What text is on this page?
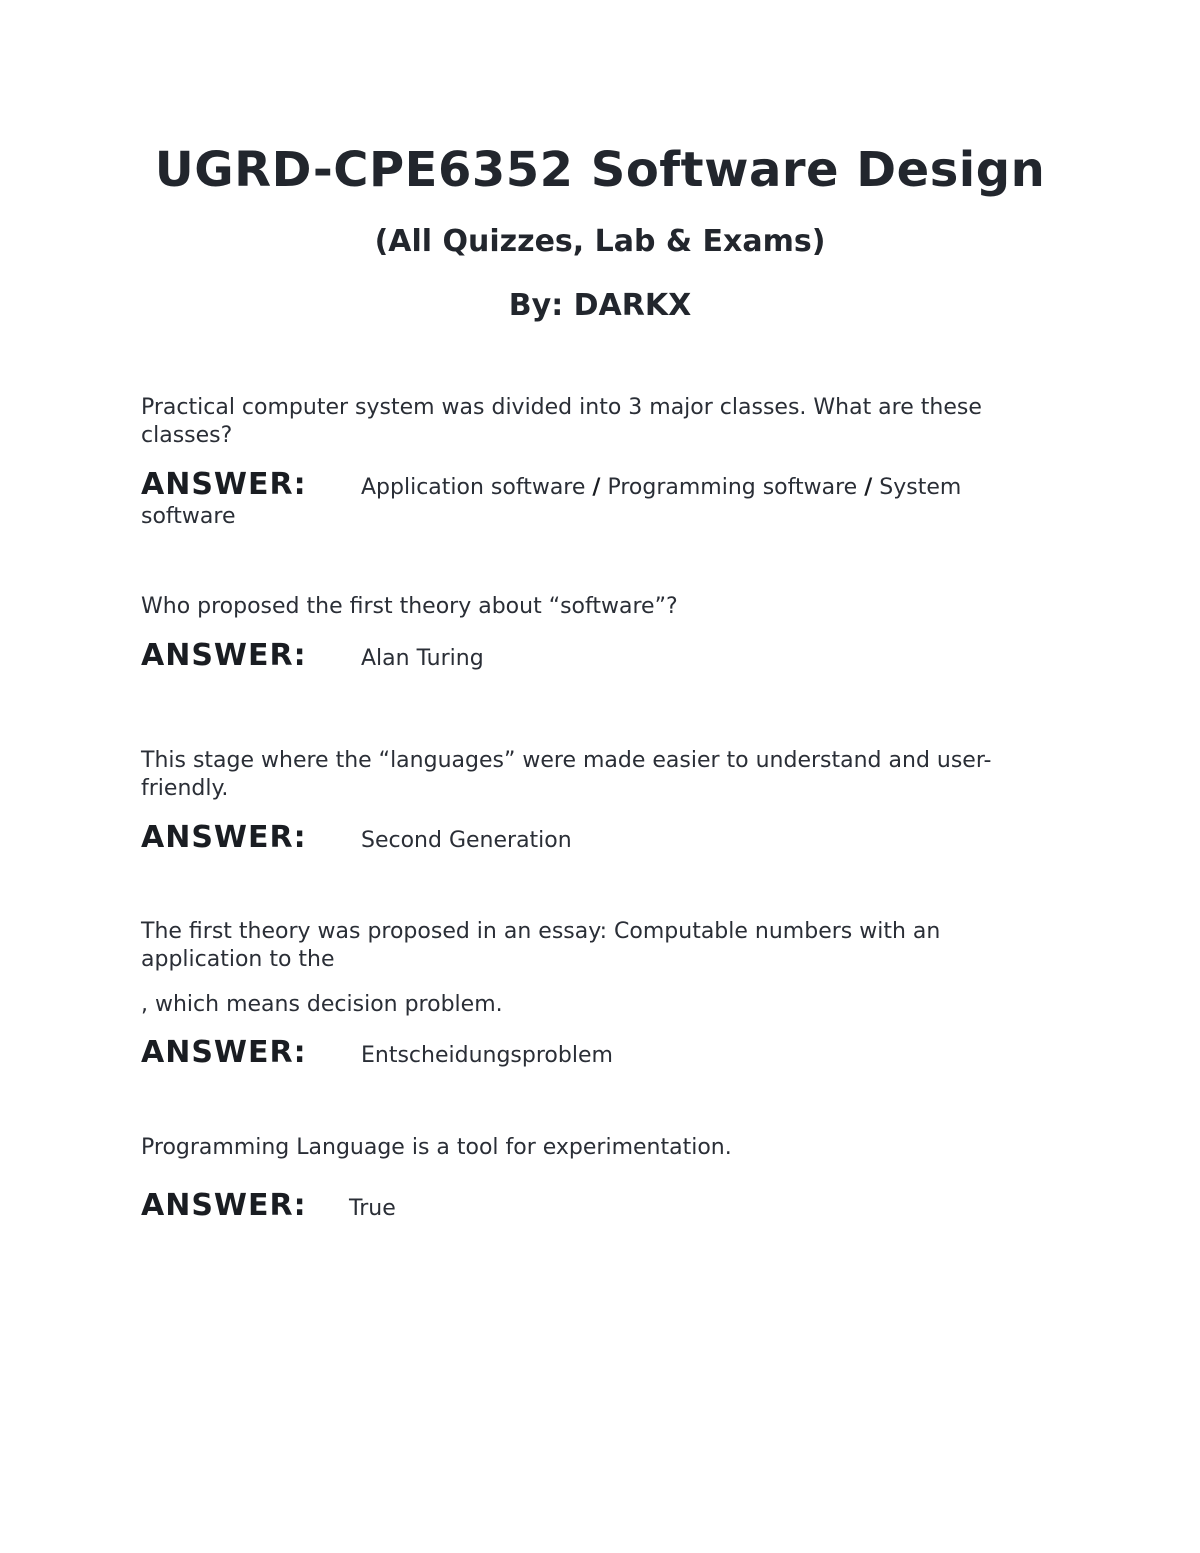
UGRD-CPE6352 Software Design
(All Quizzes, Lab & Exams)
By: DARKX
Practical computer system was divided into 3 major classes. What are these classes?
ANSWER: Application software / Programming software / System software
Who proposed the first theory about “software”?
ANSWER: Alan Turing
This stage where the “languages” were made easier to understand and user-friendly.
ANSWER: Second Generation
The first theory was proposed in an essay: Computable numbers with an application to the
, which means decision problem.
ANSWER: Entscheidungsproblem
Programming Language is a tool for experimentation.
ANSWER: True
